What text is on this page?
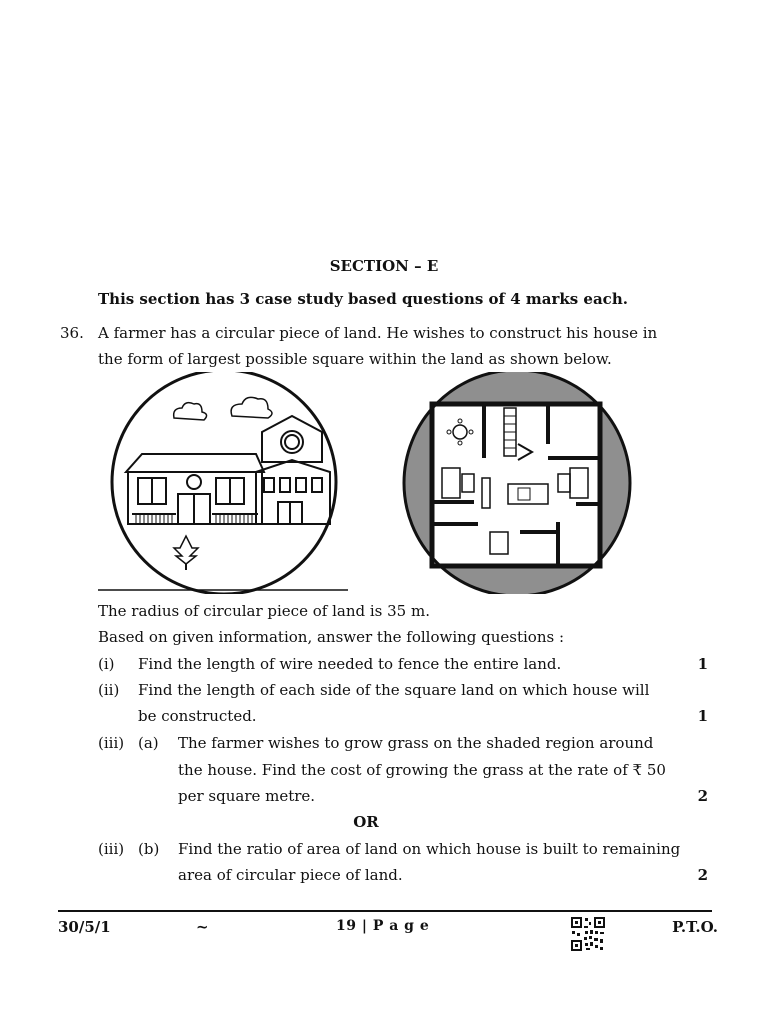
SECTION – E
This section has 3 case study based questions of 4 marks each.
36. A farmer has a circular piece of land. He wishes to construct his house in
the form of largest possible square within the land as shown below.
The radius of circular piece of land is 35 m.
Based on given information, answer the following questions :
(i) Find the length of wire needed to fence the entire land.	1
(ii) Find the length of each side of the square land on which house will
be constructed.	1
(iii) (a) The farmer wishes to grow grass on the shaded region around
the house. Find the cost of growing the grass at the rate of ₹ 50
per square metre.	2
OR
(iii) (b) Find the ratio of area of land on which house is built to remaining
area of circular piece of land.	2
30/5/1	~	19 | P a g e	P.T.O.
